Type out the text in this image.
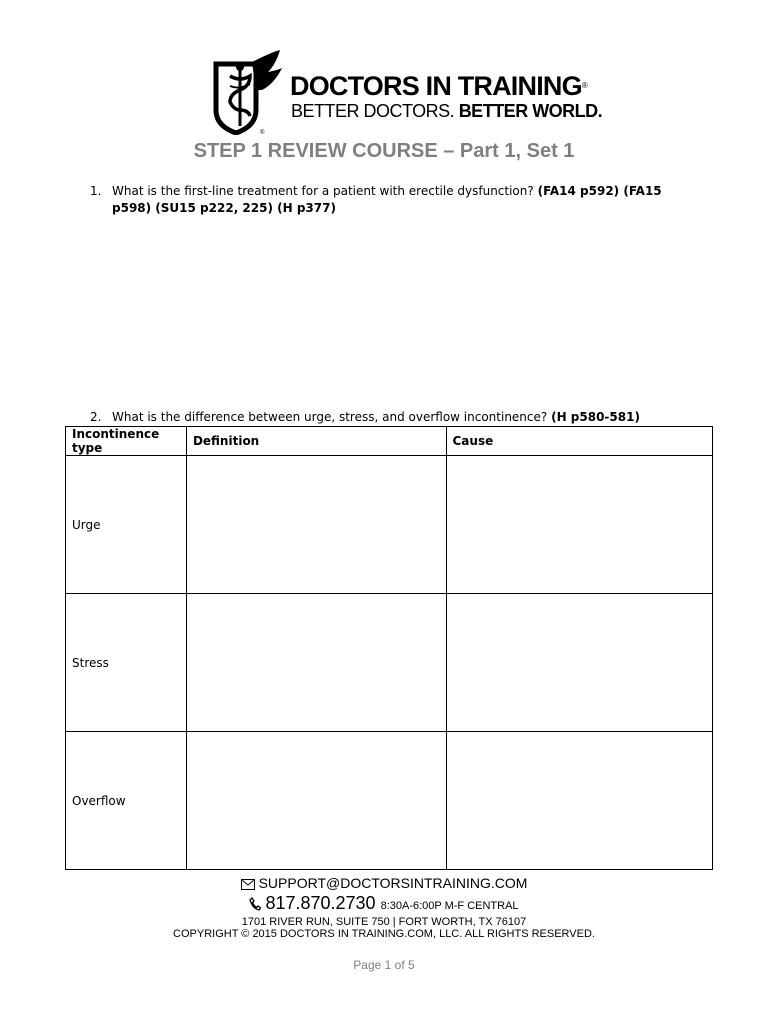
®
DOCTORS IN TRAINING®
BETTER DOCTORS. BETTER WORLD.
STEP 1 REVIEW COURSE – Part 1, Set 1
1. What is the first-line treatment for a patient with erectile dysfunction? (FA14 p592) (FA15 p598) (SU15 p222, 225) (H p377)
2. What is the difference between urge, stress, and overflow incontinence? (H p580-581)
Incontinence type	Definition	Cause
Urge		
Stress		
Overflow		
SUPPORT@DOCTORSINTRAINING.COM
817.870.2730 8:30A-6:00P M-F CENTRAL
1701 RIVER RUN, SUITE 750 | FORT WORTH, TX 76107
COPYRIGHT © 2015 DOCTORS IN TRAINING.COM, LLC. ALL RIGHTS RESERVED.
Page 1 of 5
